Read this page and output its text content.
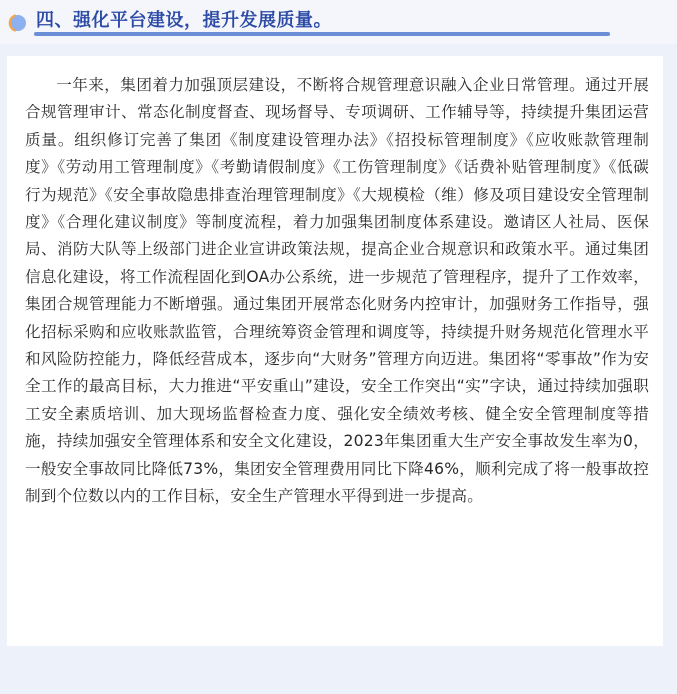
四、强化平台建设，提升发展质量。

一年来，集团着力加强顶层建设，不断将合规管理意识融入企业日常管理。通过开展合规管理审计、常态化制度督查、现场督导、专项调研、工作辅导等，持续提升集团运营质量。组织修订完善了集团《制度建设管理办法》《招投标管理制度》《应收账款管理制度》《劳动用工管理制度》《考勤请假制度》《工伤管理制度》《话费补贴管理制度》《低碳行为规范》《安全事故隐患排查治理管理制度》《大规模检（维）修及项目建设安全管理制度》《合理化建议制度》等制度流程，着力加强集团制度体系建设。邀请区人社局、医保局、消防大队等上级部门进企业宣讲政策法规，提高企业合规意识和政策水平。通过集团信息化建设，将工作流程固化到OA办公系统，进一步规范了管理程序，提升了工作效率，集团合规管理能力不断增强。通过集团开展常态化财务内控审计，加强财务工作指导，强化招标采购和应收账款监管，合理统筹资金管理和调度等，持续提升财务规范化管理水平和风险防控能力，降低经营成本，逐步向“大财务”管理方向迈进。集团将“零事故”作为安全工作的最高目标，大力推进“平安重山”建设，安全工作突出“实”字诀，通过持续加强职工安全素质培训、加大现场监督检查力度、强化安全绩效考核、健全安全管理制度等措施，持续加强安全管理体系和安全文化建设，2023年集团重大生产安全事故发生率为0，一般安全事故同比降低73%，集团安全管理费用同比下降46%，顺利完成了将一般事故控制到个位数以内的工作目标，安全生产管理水平得到进一步提高。
